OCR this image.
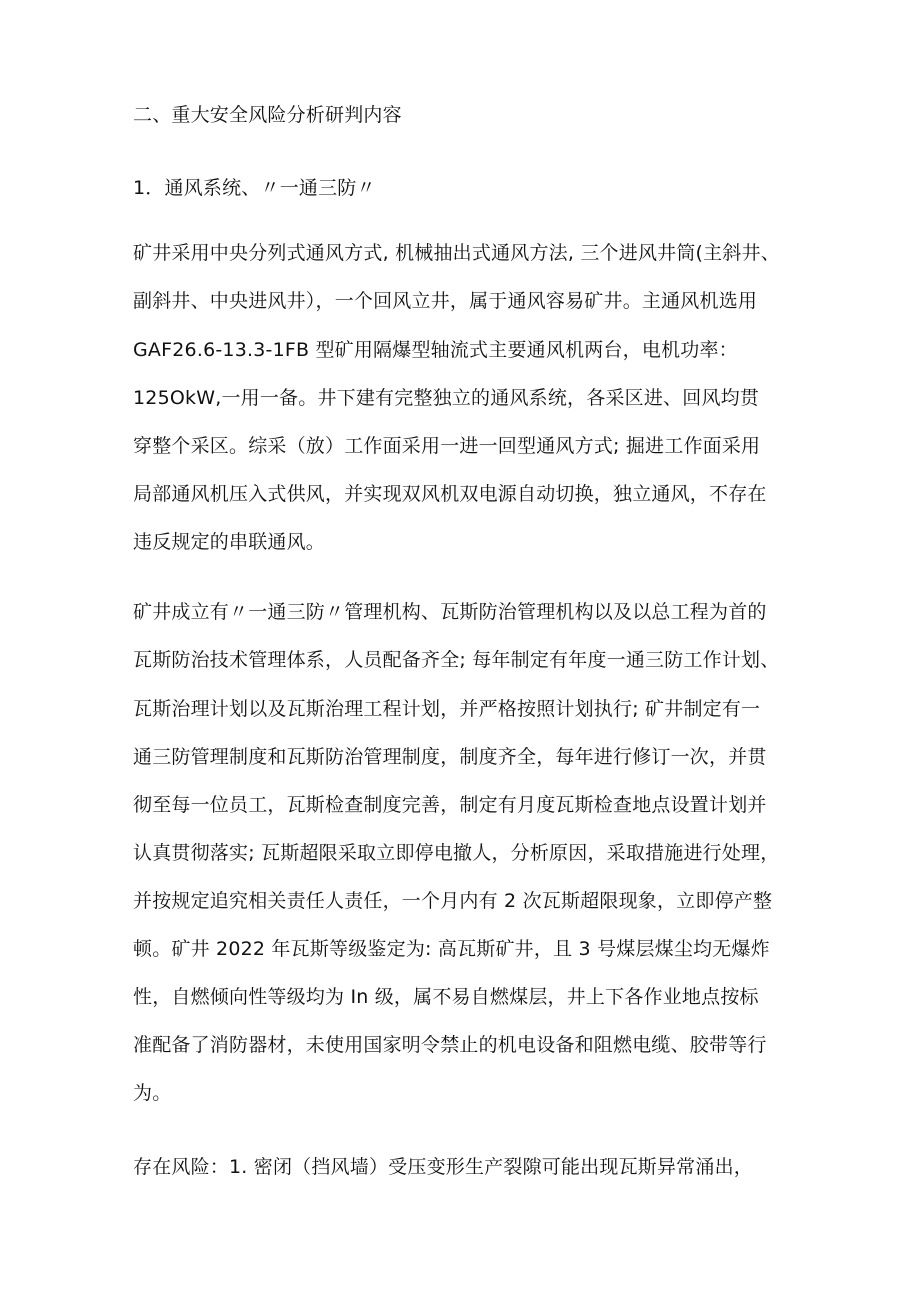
二、重大安全风险分析研判内容
1．通风系统、〃一通三防〃
矿井采用中央分列式通风方式, 机械抽出式通风方法, 三个进风井筒(主斜井、
副斜井、中央进风井），一个回风立井，属于通风容易矿井。主通风机选用
GAF26.6-13.3-1FB 型矿用隔爆型轴流式主要通风机两台，电机功率：
125OkW,一用一备。井下建有完整独立的通风系统，各采区进、回风均贯
穿整个采区。综采（放）工作面采用一进一回型通风方式; 掘进工作面采用
局部通风机压入式供风，并实现双风机双电源自动切换，独立通风，不存在
违反规定的串联通风。
矿井成立有〃一通三防〃管理机构、瓦斯防治管理机构以及以总工程为首的
瓦斯防治技术管理体系，人员配备齐全; 每年制定有年度一通三防工作计划、
瓦斯治理计划以及瓦斯治理工程计划，并严格按照计划执行; 矿井制定有一
通三防管理制度和瓦斯防治管理制度，制度齐全，每年进行修订一次，并贯
彻至每一位员工，瓦斯检查制度完善，制定有月度瓦斯检查地点设置计划并
认真贯彻落实; 瓦斯超限采取立即停电撤人，分析原因，采取措施进行处理，
并按规定追究相关责任人责任，一个月内有 2 次瓦斯超限现象，立即停产整
顿。矿井 2022 年瓦斯等级鉴定为: 高瓦斯矿井，且 3 号煤层煤尘均无爆炸
性，自燃倾向性等级均为 In 级，属不易自燃煤层，井上下各作业地点按标
准配备了消防器材，未使用国家明令禁止的机电设备和阻燃电缆、胶带等行
为。
存在风险：1. 密闭（挡风墙）受压变形生产裂隙可能出现瓦斯异常涌出，
